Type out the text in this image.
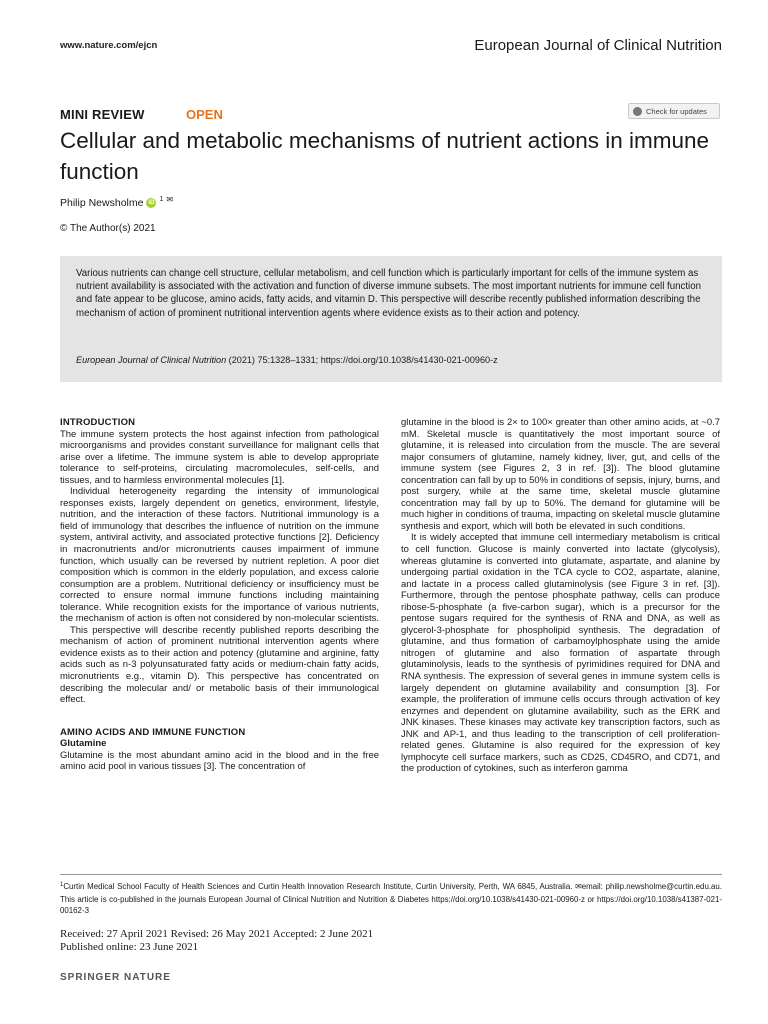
www.nature.com/ejcn	European Journal of Clinical Nutrition
MINI REVIEW	OPEN	Check for updates
Cellular and metabolic mechanisms of nutrient actions in immune function
Philip Newsholme iD
1 ✉
© The Author(s) 2021
Various nutrients can change cell structure, cellular metabolism, and cell function which is particularly important for cells of the immune system as nutrient availability is associated with the activation and function of diverse immune subsets. The most important nutrients for immune cell function and fate appear to be glucose, amino acids, fatty acids, and vitamin D. This perspective will describe recently published information describing the mechanism of action of prominent nutritional intervention agents where evidence exists as to their action and potency.
European Journal of Clinical Nutrition (2021) 75:1328–1331; https://doi.org/10.1038/s41430-021-00960-z
INTRODUCTION

The immune system protects the host against infection from pathological microorganisms and provides constant surveillance for malignant cells that arise over a lifetime. The immune system is able to develop appropriate tolerance to self-proteins, circulating macromolecules, self-cells, and tissues, and to harmless environmental molecules [1].

Individual heterogeneity regarding the intensity of immunological responses exists, largely dependent on genetics, environment, lifestyle, nutrition, and the interaction of these factors. Nutritional immunology is a field of immunology that describes the influence of nutrition on the immune system, antiviral activity, and associated protective functions [2]. Deficiency in macronutrients and/or micronutrients causes impairment of immune function, which usually can be reversed by nutrient repletion. A poor diet composition which is common in the elderly population, and excess calorie consumption are a problem. Nutritional deficiency or insufficiency must be corrected to ensure normal immune functions including maintaining tolerance. While recognition exists for the importance of various nutrients, the mechanism of action is often not considered by non-molecular scientists.

This perspective will describe recently published reports describing the mechanism of action of prominent nutritional intervention agents where evidence exists as to their action and potency (glutamine and arginine, fatty acids such as n-3 polyunsaturated fatty acids or medium-chain fatty acids, micronutrients e.g., vitamin D). This perspective has concentrated on describing the molecular and/ or metabolic basis of their immunological effect.

AMINO ACIDS AND IMMUNE FUNCTION
Glutamine

Glutamine is the most abundant amino acid in the blood and in the free amino acid pool in various tissues [3]. The concentration of

glutamine in the blood is 2× to 100× greater than other amino acids, at ~0.7 mM. Skeletal muscle is quantitatively the most important source of glutamine, it is released into circulation from the muscle. The are several major consumers of glutamine, namely kidney, liver, gut, and cells of the immune system (see Figures 2, 3 in ref. [3]). The blood glutamine concentration can fall by up to 50% in conditions of sepsis, injury, burns, and post surgery, while at the same time, skeletal muscle glutamine concentration may fall by up to 50%. The demand for glutamine will be much higher in conditions of trauma, impacting on skeletal muscle glutamine synthesis and export, which will both be elevated in such conditions.

It is widely accepted that immune cell intermediary metabolism is critical to cell function. Glucose is mainly converted into lactate (glycolysis), whereas glutamine is converted into glutamate, aspartate, and alanine by undergoing partial oxidation in the TCA cycle to CO2, aspartate, alanine, and lactate in a process called glutaminolysis (see Figure 3 in ref. [3]). Furthermore, through the pentose phosphate pathway, cells can produce ribose-5-phosphate (a five-carbon sugar), which is a precursor for the pentose sugars required for the synthesis of RNA and DNA, as well as glycerol-3-phosphate for phospholipid synthesis. The degradation of glutamine, and thus formation of carbamoylphosphate using the amide nitrogen of glutamine and also formation of aspartate through glutaminolysis, leads to the synthesis of pyrimidines required for DNA and RNA synthesis. The expression of several genes in immune system cells is largely dependent on glutamine availability and consumption [3]. For example, the proliferation of immune cells occurs through activation of key enzymes and dependent on glutamine availability, such as the ERK and JNK kinases. These kinases may activate key transcription factors, such as JNK and AP-1, and thus leading to the transcription of cell proliferation-related genes. Glutamine is also required for the expression of key lymphocyte cell surface markers, such as CD25, CD45RO, and CD71, and the production of cytokines, such as interferon gamma

$^1$Curtin Medical School Faculty of Health Sciences and Curtin Health Innovation Research Institute, Curtin University, Perth, WA 6845, Australia. ✉email: philip.newsholme@curtin.edu.au. This article is co-published in the journals European Journal of Clinical Nutrition and Nutrition & Diabetes https://doi.org/10.1038/s41430-021-00960-z or https://doi.org/10.1038/s41387-021-00162-3
Received: 27 April 2021 Revised: 26 May 2021 Accepted: 2 June 2021
Published online: 23 June 2021
SPRINGER NATURE
